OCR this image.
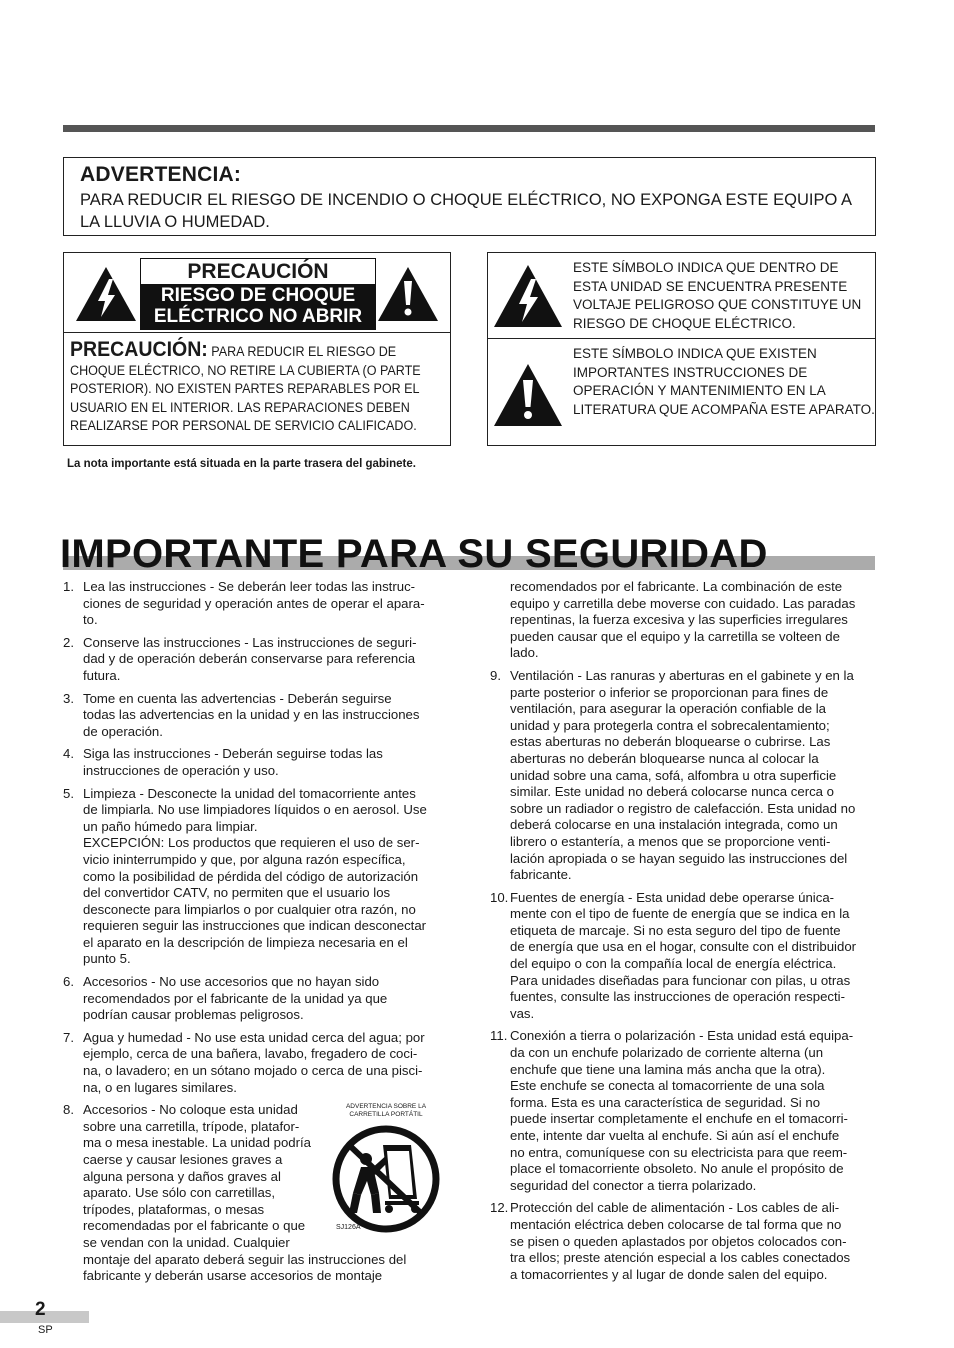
ADVERTENCIA:
PARA REDUCIR EL RIESGO DE INCENDIO O CHOQUE ELÉCTRICO, NO EXPONGA ESTE EQUIPO A LA LLUVIA O HUMEDAD.
PRECAUCIÓN
RIESGO DE CHOQUE
ELÉCTRICO NO ABRIR
PRECAUCIÓN: PARA REDUCIR EL RIESGO DE CHOQUE ELÉCTRICO, NO RETIRE LA CUBIERTA (O PARTE POSTERIOR). NO EXISTEN PARTES REPARABLES POR EL USUARIO EN EL INTERIOR. LAS REPARACIONES DEBEN REALIZARSE POR PERSONAL DE SERVICIO CALIFICADO.
ESTE SÍMBOLO INDICA QUE DENTRO DE ESTA UNIDAD SE ENCUENTRA PRESENTE VOLTAJE PELIGROSO QUE CONSTITUYE UN RIESGO DE CHOQUE ELÉCTRICO.
ESTE SÍMBOLO INDICA QUE EXISTEN IMPORTANTES INSTRUCCIONES DE OPERACIÓN Y MANTENIMIENTO EN LA LITERATURA QUE ACOMPAÑA ESTE APARATO.
La nota importante está situada en la parte trasera del gabinete.
IMPORTANTE PARA SU SEGURIDAD
1. Lea las instrucciones - Se deberán leer todas las instruc-
ciones de seguridad y operación antes de operar el apara-
to.
2. Conserve las instrucciones - Las instrucciones de seguri-
dad y de operación deberán conservarse para referencia
futura.
3. Tome en cuenta las advertencias - Deberán seguirse
todas las advertencias en la unidad y en las instrucciones
de operación.
4. Siga las instrucciones - Deberán seguirse todas las
instrucciones de operación y uso.
5. Limpieza - Desconecte la unidad del tomacorriente antes
de limpiarla. No use limpiadores líquidos o en aerosol. Use
un paño húmedo para limpiar.
EXCEPCIÓN: Los productos que requieren el uso de ser-
vicio ininterrumpido y que, por alguna razón específica,
como la posibilidad de pérdida del código de autorización
del convertidor CATV, no permiten que el usuario los
desconecte para limpiarlos o por cualquier otra razón, no
requieren seguir las instrucciones que indican desconectar
el aparato en la descripción de limpieza necesaria en el
punto 5.
6. Accesorios - No use accesorios que no hayan sido
recomendados por el fabricante de la unidad ya que
podrían causar problemas peligrosos.
7. Agua y humedad - No use esta unidad cerca del agua; por
ejemplo, cerca de una bañera, lavabo, fregadero de coci-
na, o lavadero; en un sótano mojado o cerca de una pisci-
na, o en lugares similares.
8. Accesorios - No coloque esta unidad
sobre una carretilla, trípode, platafor-
ma o mesa inestable. La unidad podría
caerse y causar lesiones graves a
alguna persona y daños graves al
aparato. Use sólo con carretillas,
trípodes, plataformas, o mesas
recomendadas por el fabricante o que
se vendan con la unidad. Cualquier
montaje del aparato deberá seguir las instrucciones del
fabricante y deberán usarse accesorios de montaje
ADVERTENCIA SOBRE LA CARRETILLA PORTÁTIL
SJ126A
recomendados por el fabricante. La combinación de este
equipo y carretilla debe moverse con cuidado. Las paradas
repentinas, la fuerza excesiva y las superficies irregulares
pueden causar que el equipo y la carretilla se volteen de
lado.
9. Ventilación - Las ranuras y aberturas en el gabinete y en la
parte posterior o inferior se proporcionan para fines de
ventilación, para asegurar la operación confiable de la
unidad y para protegerla contra el sobrecalentamiento;
estas aberturas no deberán bloquearse o cubrirse. Las
aberturas no deberán bloquearse nunca al colocar la
unidad sobre una cama, sofá, alfombra u otra superficie
similar. Este unidad no deberá colocarse nunca cerca o
sobre un radiador o registro de calefacción. Esta unidad no
deberá colocarse en una instalación integrada, como un
librero o estantería, a menos que se proporcione venti-
lación apropiada o se hayan seguido las instrucciones del
fabricante.
10. Fuentes de energía - Esta unidad debe operarse única-
mente con el tipo de fuente de energía que se indica en la
etiqueta de marcaje. Si no esta seguro del tipo de fuente
de energía que usa en el hogar, consulte con el distribuidor
del equipo o con la compañía local de energía eléctrica.
Para unidades diseñadas para funcionar con pilas, u otras
fuentes, consulte las instrucciones de operación respecti-
vas.
11. Conexión a tierra o polarización - Esta unidad está equipa-
da con un enchufe polarizado de corriente alterna (un
enchufe que tiene una lamina más ancha que la otra).
Este enchufe se conecta al tomacorriente de una sola
forma. Esta es una característica de seguridad. Si no
puede insertar completamente el enchufe en el tomacorri-
ente, intente dar vuelta al enchufe. Si aún así el enchufe
no entra, comuníquese con su electricista para que reem-
place el tomacorriente obsoleto. No anule el propósito de
seguridad del conector a tierra polarizado.
12. Protección del cable de alimentación - Los cables de ali-
mentación eléctrica deben colocarse de tal forma que no
se pisen o queden aplastados por objetos colocados con-
tra ellos; preste atención especial a los cables conectados
a tomacorrientes y al lugar de donde salen del equipo.
2
SP
